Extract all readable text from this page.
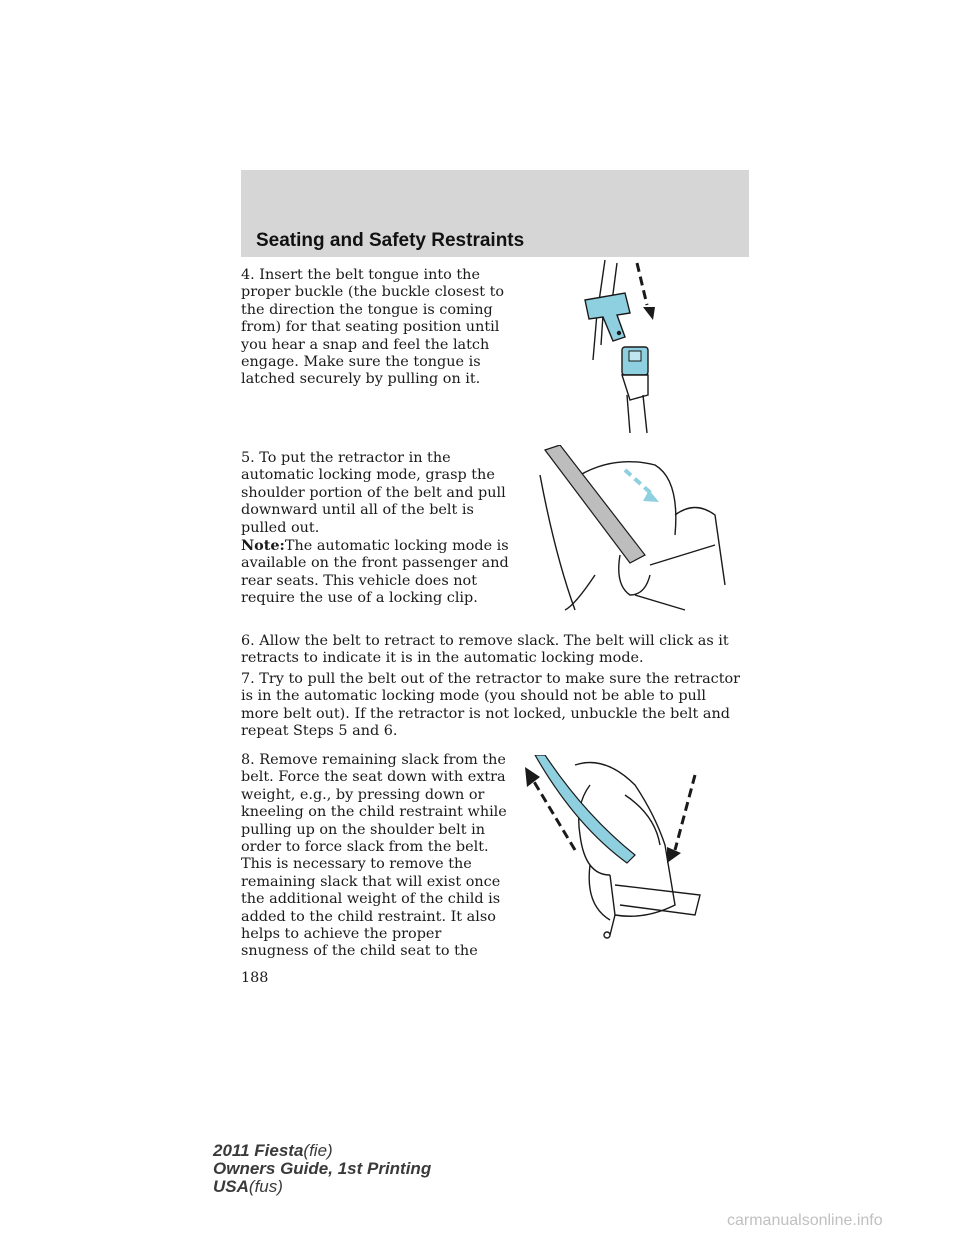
Seating and Safety Restraints

4. Insert the belt tongue into the proper buckle (the buckle closest to the direction the tongue is coming from) for that seating position until you hear a snap and feel the latch engage. Make sure the tongue is latched securely by pulling on it.

5. To put the retractor in the automatic locking mode, grasp the shoulder portion of the belt and pull downward until all of the belt is pulled out.

Note:The automatic locking mode is available on the front passenger and rear seats. This vehicle does not require the use of a locking clip.

6. Allow the belt to retract to remove slack. The belt will click as it retracts to indicate it is in the automatic locking mode.

7. Try to pull the belt out of the retractor to make sure the retractor is in the automatic locking mode (you should not be able to pull more belt out). If the retractor is not locked, unbuckle the belt and repeat Steps 5 and 6.

8. Remove remaining slack from the belt. Force the seat down with extra weight, e.g., by pressing down or kneeling on the child restraint while pulling up on the shoulder belt in order to force slack from the belt. This is necessary to remove the remaining slack that will exist once the additional weight of the child is added to the child restraint. It also helps to achieve the proper snugness of the child seat to the

188
2011 Fiesta(fie)
Owners Guide, 1st Printing
USA(fus)
carmanualsonline.info
